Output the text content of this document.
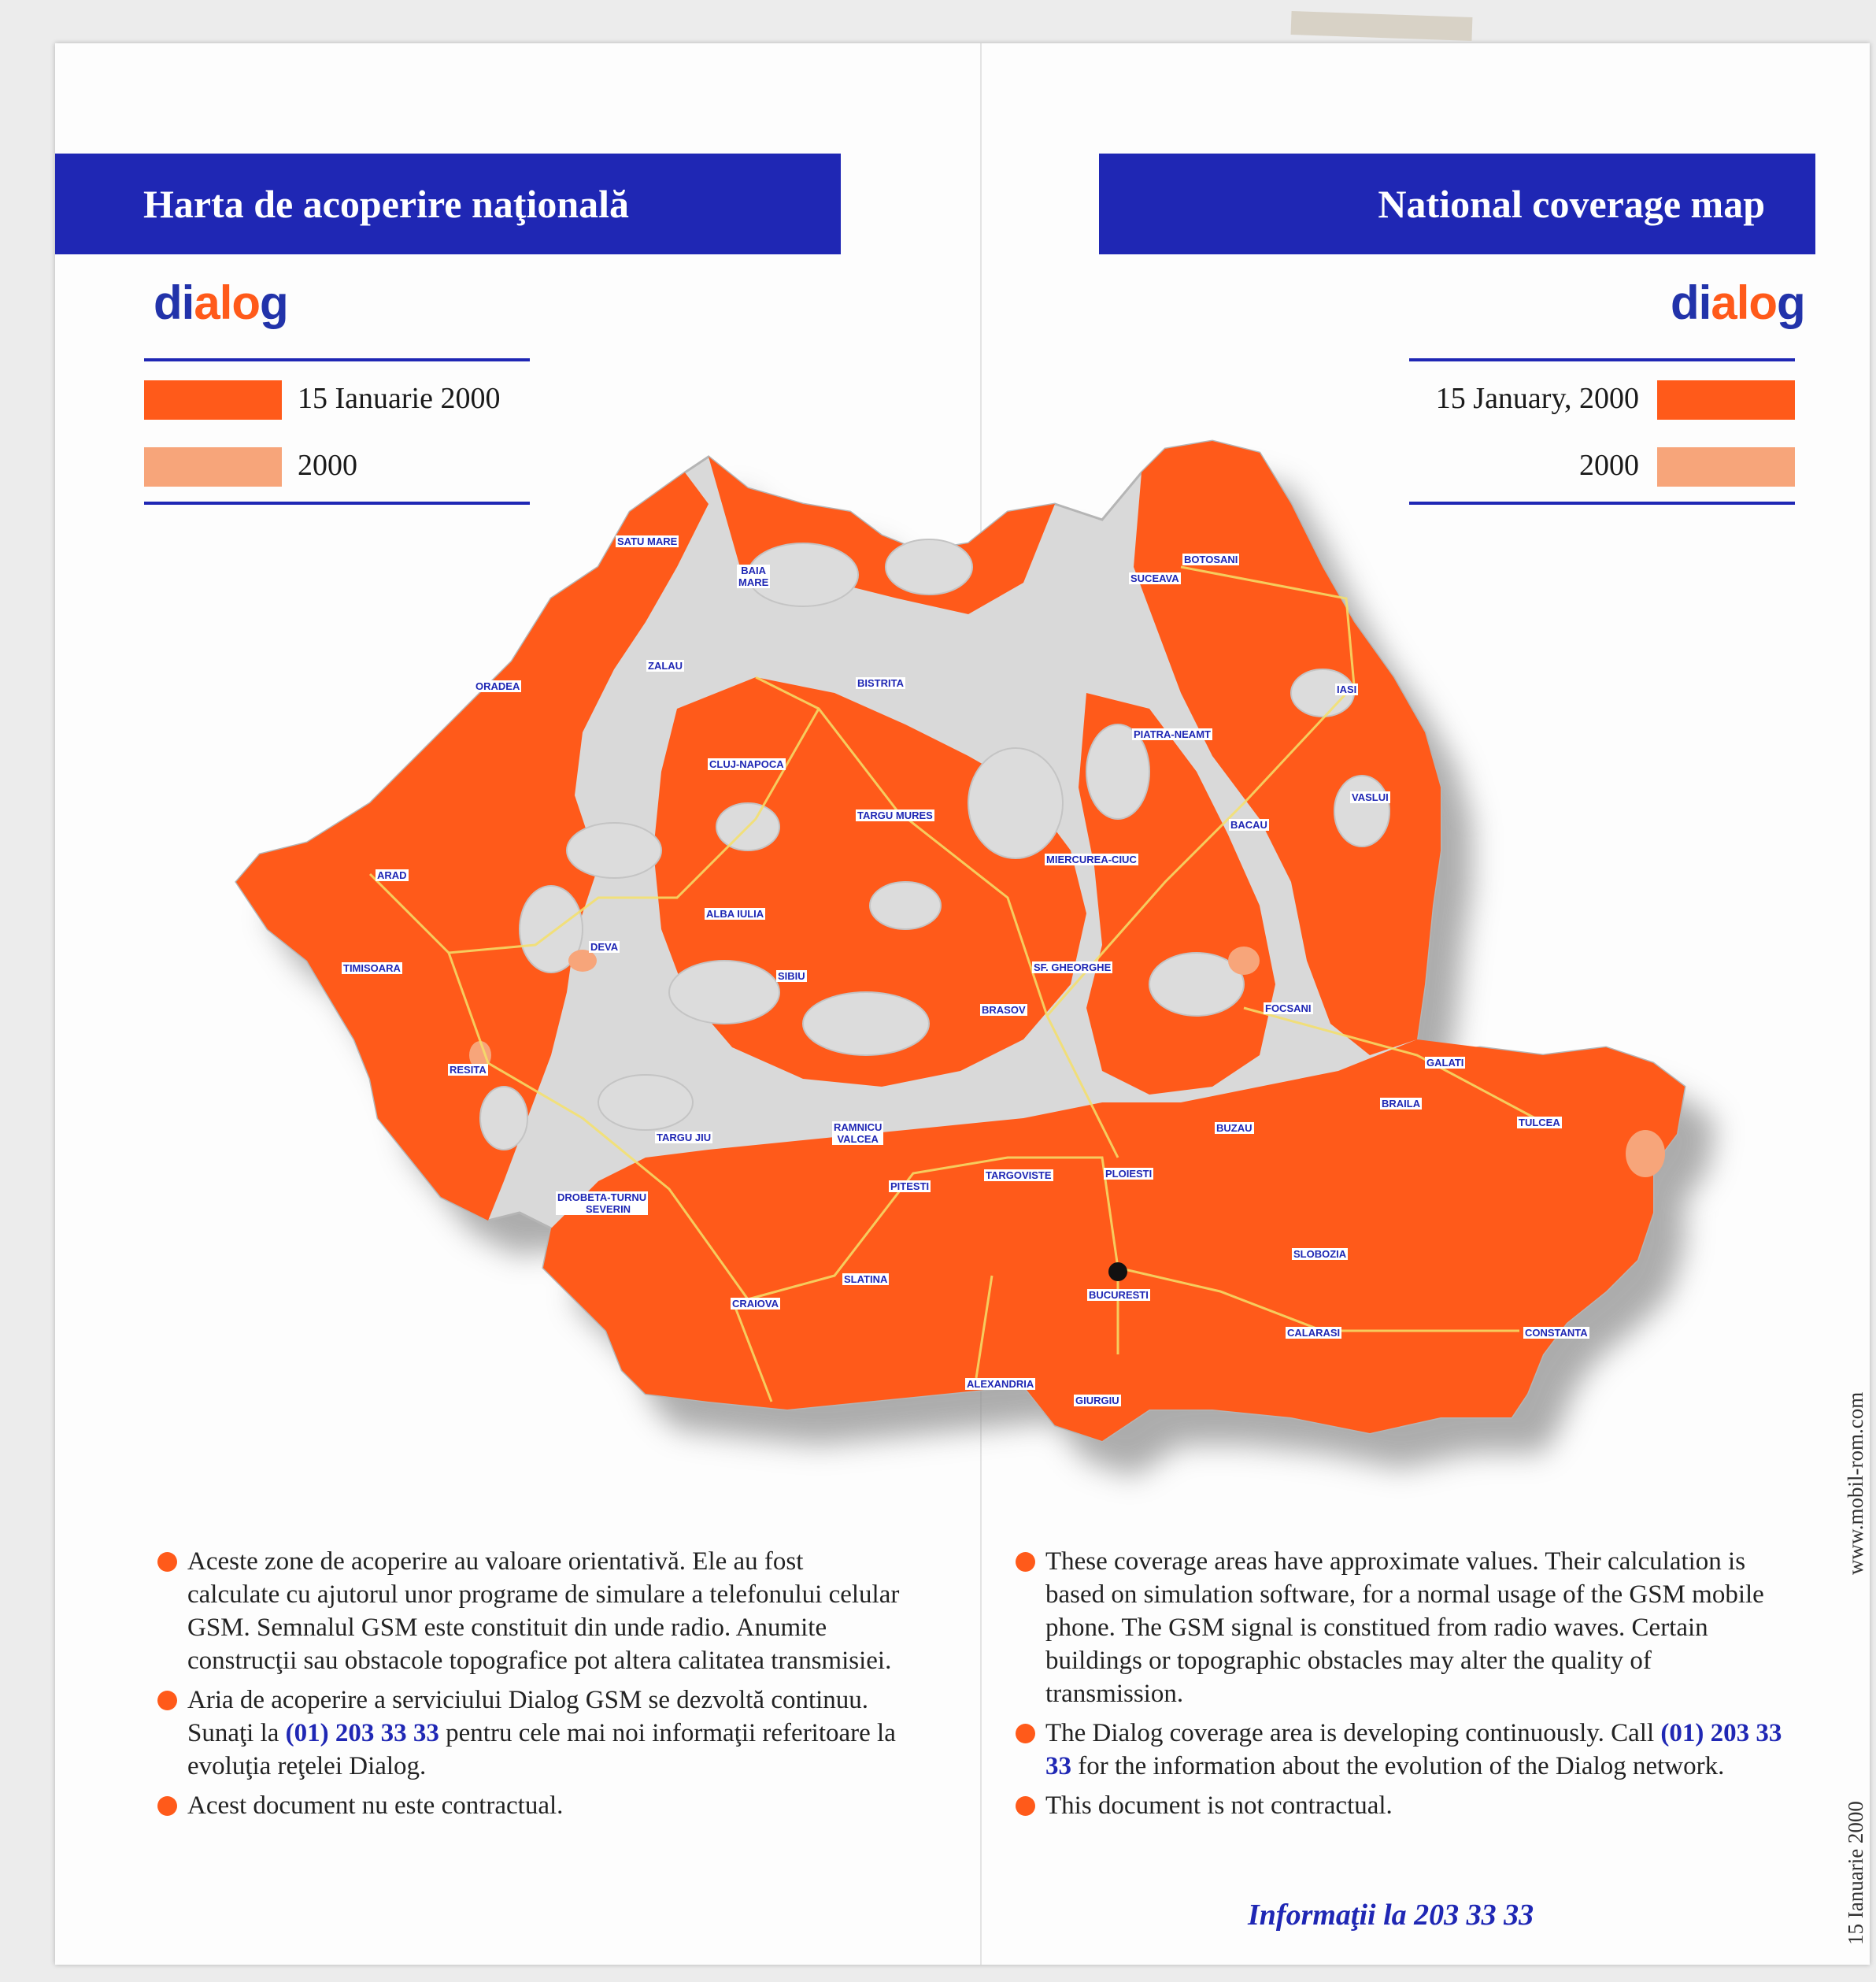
Harta de acoperire naţională	National coverage map
dialog	dialog
15 Ianuarie 2000
2000
15 January, 2000
2000
SATU MARE
BAIA
MARE
ZALAU
ORADEA	BISTRITA
CLUJ-NAPOCA
TARGU MURES
ARAD
ALBA IULIA
DEVA
TIMISOARA
SIBIU
RESITA
TARGU JIU
RAMNICU
VALCEA
DROBETA-TURNU
SEVERIN
PITESTI
SLATINA
CRAIOVA
ALEXANDRIA
GIURGIU
BUCURESTI
TARGOVISTE	PLOIESTI
BRASOV
SF. GHEORGHE
MIERCUREA-CIUC
PIATRA-NEAMT
SUCEAVA
BOTOSANI
IASI
VASLUI
BACAU
FOCSANI
GALATI
BRAILA
TULCEA
BUZAU
SLOBOZIA
CALARASI	CONSTANTA
Aceste zone de acoperire au valoare orientativă. Ele au fost calculate cu ajutorul unor programe de simulare a telefonului celular GSM. Semnalul GSM este constituit din unde radio. Anumite construcţii sau obstacole topografice pot altera calitatea transmisiei.
Aria de acoperire a serviciului Dialog GSM se dezvoltă continuu. Sunaţi la (01) 203 33 33 pentru cele mai noi informaţii referitoare la evoluţia reţelei Dialog.
Acest document nu este contractual.
These coverage areas have approximate values. Their calculation is based on simulation software, for a normal usage of the GSM mobile phone. The GSM signal is constitued from radio waves. Certain buildings or topographic obstacles may alter the quality of transmission.
The Dialog coverage area is developing continuously. Call (01) 203 33 33 for the information about the evolution of the Dialog network.
This document is not contractual.
Informaţii la 203 33 33
www.mobil-rom.com
15 Ianuarie 2000
